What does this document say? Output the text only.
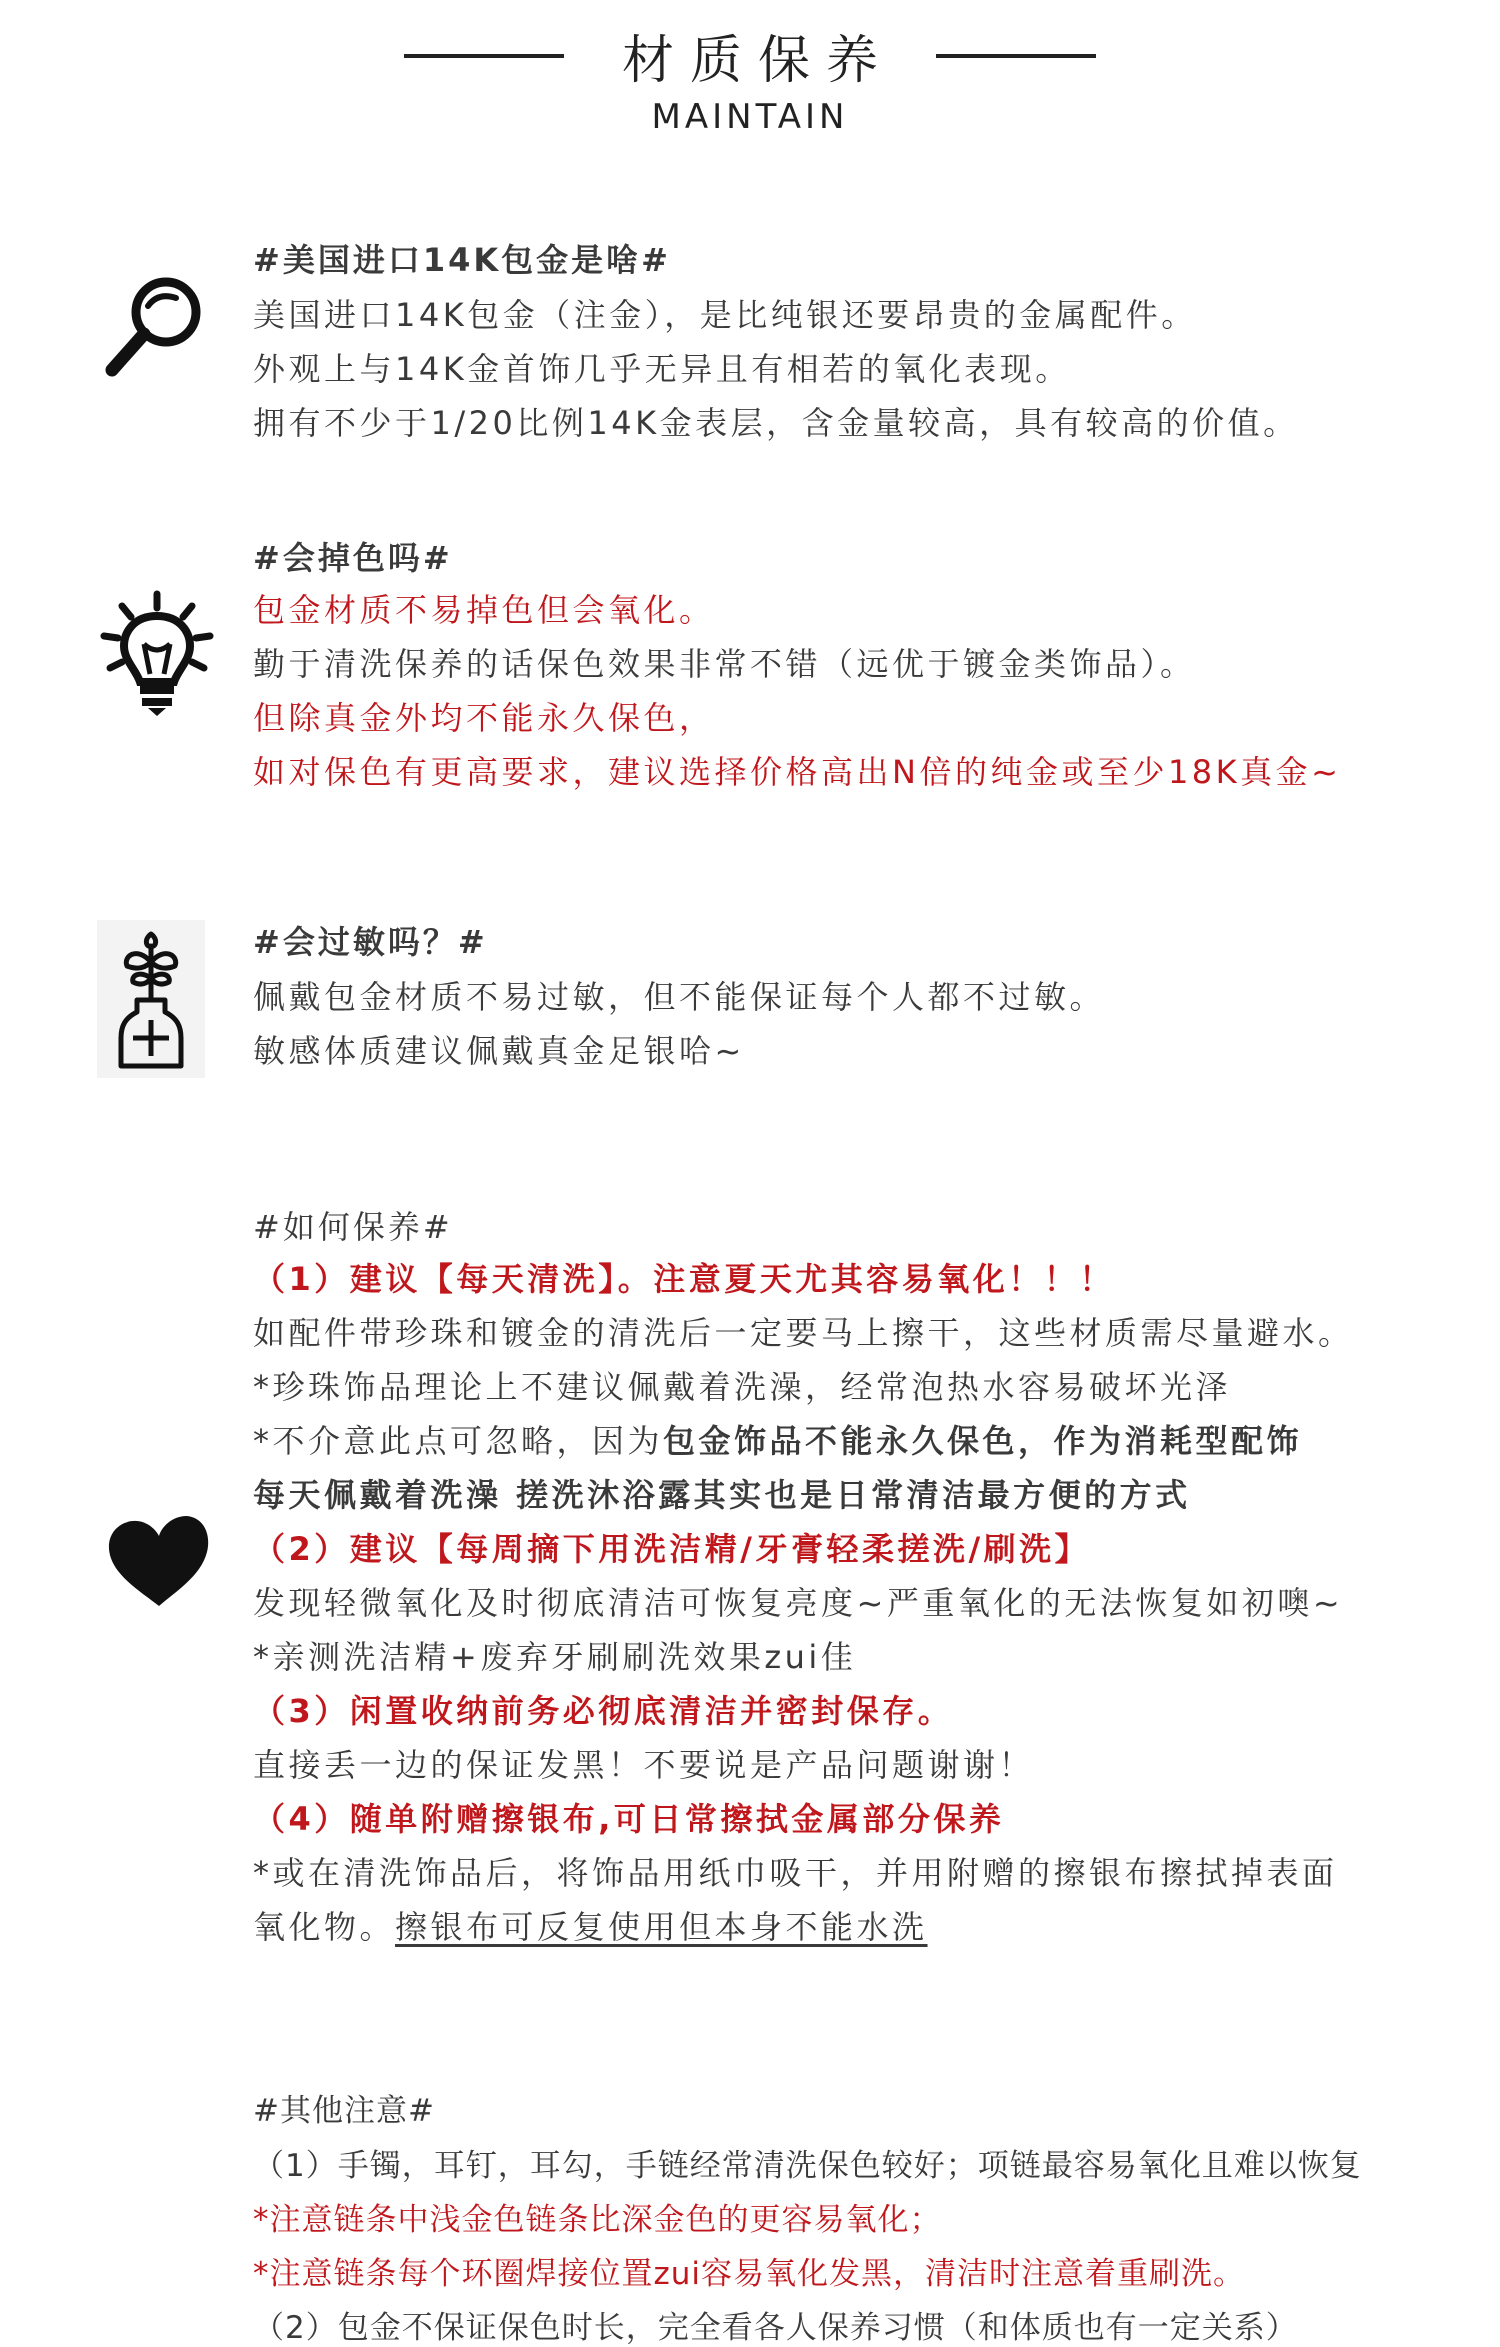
材质保养
MAINTAIN
#美国进口14K包金是啥#
美国进口14K包金（注金），是比纯银还要昂贵的金属配件。
外观上与14K金首饰几乎无异且有相若的氧化表现。
拥有不少于1/20比例14K金表层，含金量较高，具有较高的价值。
#会掉色吗#
包金材质不易掉色但会氧化。
勤于清洗保养的话保色效果非常不错（远优于镀金类饰品）。
但除真金外均不能永久保色，
如对保色有更高要求，建议选择价格高出N倍的纯金或至少18K真金~
#会过敏吗？#
佩戴包金材质不易过敏，但不能保证每个人都不过敏。
敏感体质建议佩戴真金足银哈~
#如何保养#
（1）建议【每天清洗】。注意夏天尤其容易氧化！！！
如配件带珍珠和镀金的清洗后一定要马上擦干，这些材质需尽量避水。
*珍珠饰品理论上不建议佩戴着洗澡，经常泡热水容易破坏光泽
*不介意此点可忽略，因为包金饰品不能永久保色，作为消耗型配饰
每天佩戴着洗澡 搓洗沐浴露其实也是日常清洁最方便的方式
（2）建议【每周摘下用洗洁精/牙膏轻柔搓洗/刷洗】
发现轻微氧化及时彻底清洁可恢复亮度~严重氧化的无法恢复如初噢~
*亲测洗洁精+废弃牙刷刷洗效果zui佳
（3）闲置收纳前务必彻底清洁并密封保存。
直接丢一边的保证发黑！不要说是产品问题谢谢！
（4）随单附赠擦银布,可日常擦拭金属部分保养
*或在清洗饰品后，将饰品用纸巾吸干，并用附赠的擦银布擦拭掉表面
氧化物。擦银布可反复使用但本身不能水洗
#其他注意#
（1）手镯，耳钉，耳勾，手链经常清洗保色较好；项链最容易氧化且难以恢复
*注意链条中浅金色链条比深金色的更容易氧化；
*注意链条每个环圈焊接位置zui容易氧化发黑，清洁时注意着重刷洗。
（2）包金不保证保色时长，完全看各人保养习惯（和体质也有一定关系）
